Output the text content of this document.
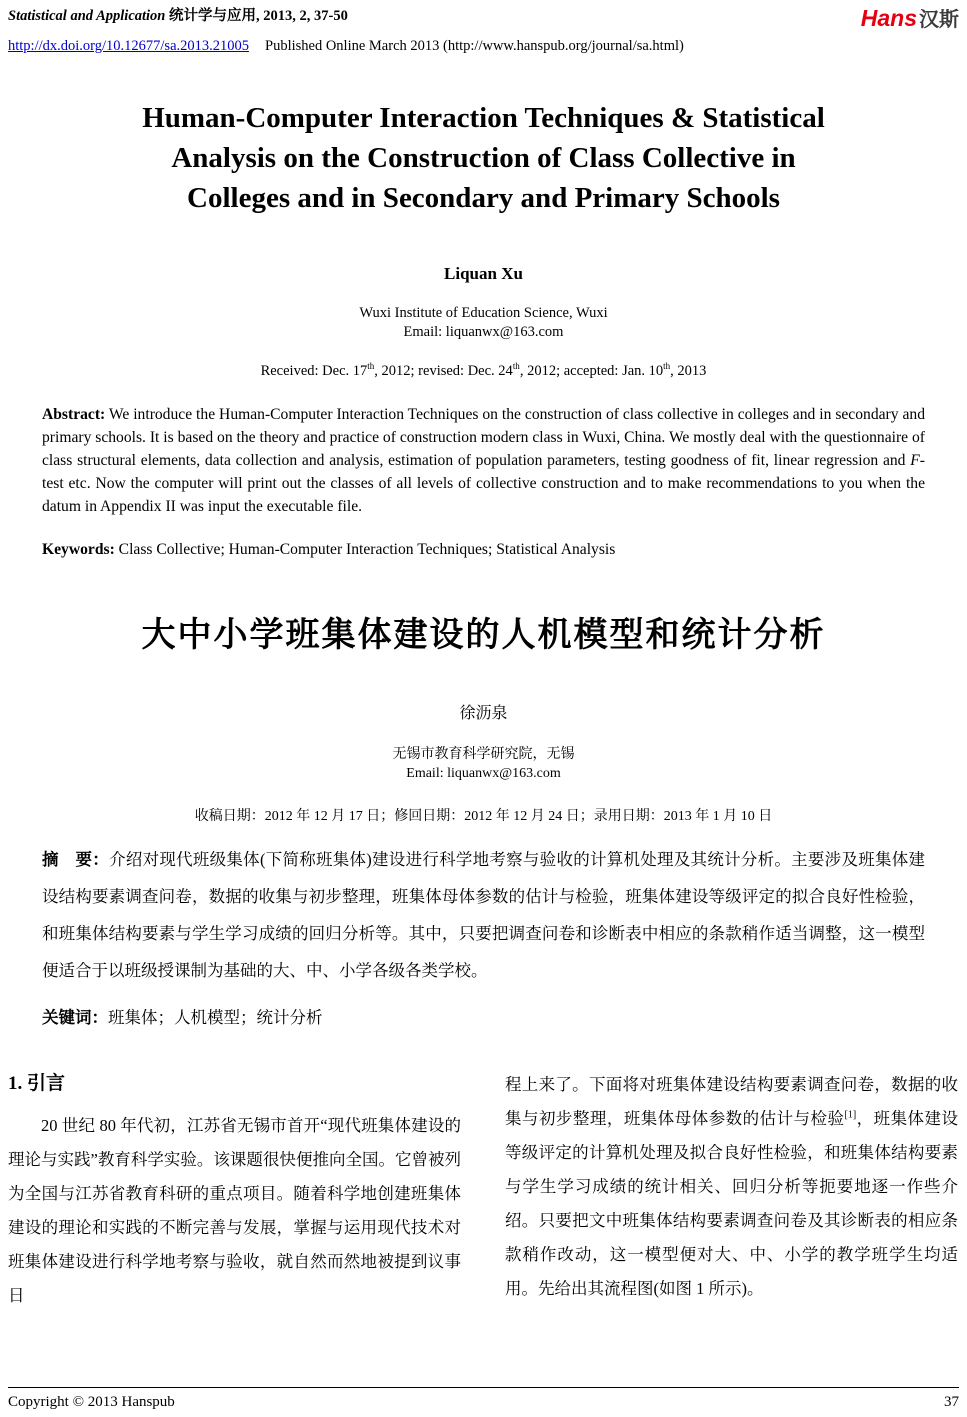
Statistical and Application 统计学与应用, 2013, 2, 37-50	Hans 汉斯
http://dx.doi.org/10.12677/sa.2013.21005 Published Online March 2013 (http://www.hanspub.org/journal/sa.html)
Human-Computer Interaction Techniques & Statistical
Analysis on the Construction of Class Collective in
Colleges and in Secondary and Primary Schools
Liquan Xu
Wuxi Institute of Education Science, Wuxi
Email: liquanwx@163.com
Received: Dec. 17th, 2012; revised: Dec. 24th, 2012; accepted: Jan. 10th, 2013

Abstract: We introduce the Human-Computer Interaction Techniques on the construction of class collective in colleges and in secondary and primary schools. It is based on the theory and practice of construction modern class in Wuxi, China. We mostly deal with the questionnaire of class structural elements, data collection and analysis, estimation of population parameters, testing goodness of fit, linear regression and F-test etc. Now the computer will print out the classes of all levels of collective construction and to make recommendations to you when the datum in Appendix II was input the executable file.

Keywords: Class Collective; Human-Computer Interaction Techniques; Statistical Analysis

大中小学班集体建设的人机模型和统计分析
徐沥泉
无锡市教育科学研究院，无锡
Email: liquanwx@163.com
收稿日期：2012 年 12 月 17 日；修回日期：2012 年 12 月 24 日；录用日期：2013 年 1 月 10 日

摘　要：介绍对现代班级集体(下简称班集体)建设进行科学地考察与验收的计算机处理及其统计分析。主要涉及班集体建设结构要素调查问卷，数据的收集与初步整理，班集体母体参数的估计与检验，班集体建设等级评定的拟合良好性检验，和班集体结构要素与学生学习成绩的回归分析等。其中，只要把调查问卷和诊断表中相应的条款稍作适当调整，这一模型便适合于以班级授课制为基础的大、中、小学各级各类学校。

关键词：班集体；人机模型；统计分析

1. 引言

20 世纪 80 年代初，江苏省无锡市首开“现代班集体建设的理论与实践”教育科学实验。该课题很快便推向全国。它曾被列为全国与江苏省教育科研的重点项目。随着科学地创建班集体建设的理论和实践的不断完善与发展，掌握与运用现代技术对班集体建设进行科学地考察与验收，就自然而然地被提到议事日

程上来了。下面将对班集体建设结构要素调查问卷，数据的收集与初步整理，班集体母体参数的估计与检验[1]，班集体建设等级评定的计算机处理及拟合良好性检验，和班集体结构要素与学生学习成绩的统计相关、回归分析等扼要地逐一作些介绍。只要把文中班集体结构要素调查问卷及其诊断表的相应条款稍作改动，这一模型便对大、中、小学的教学班学生均适用。先给出其流程图(如图 1 所示)。

Copyright © 2013 Hanspub	37
